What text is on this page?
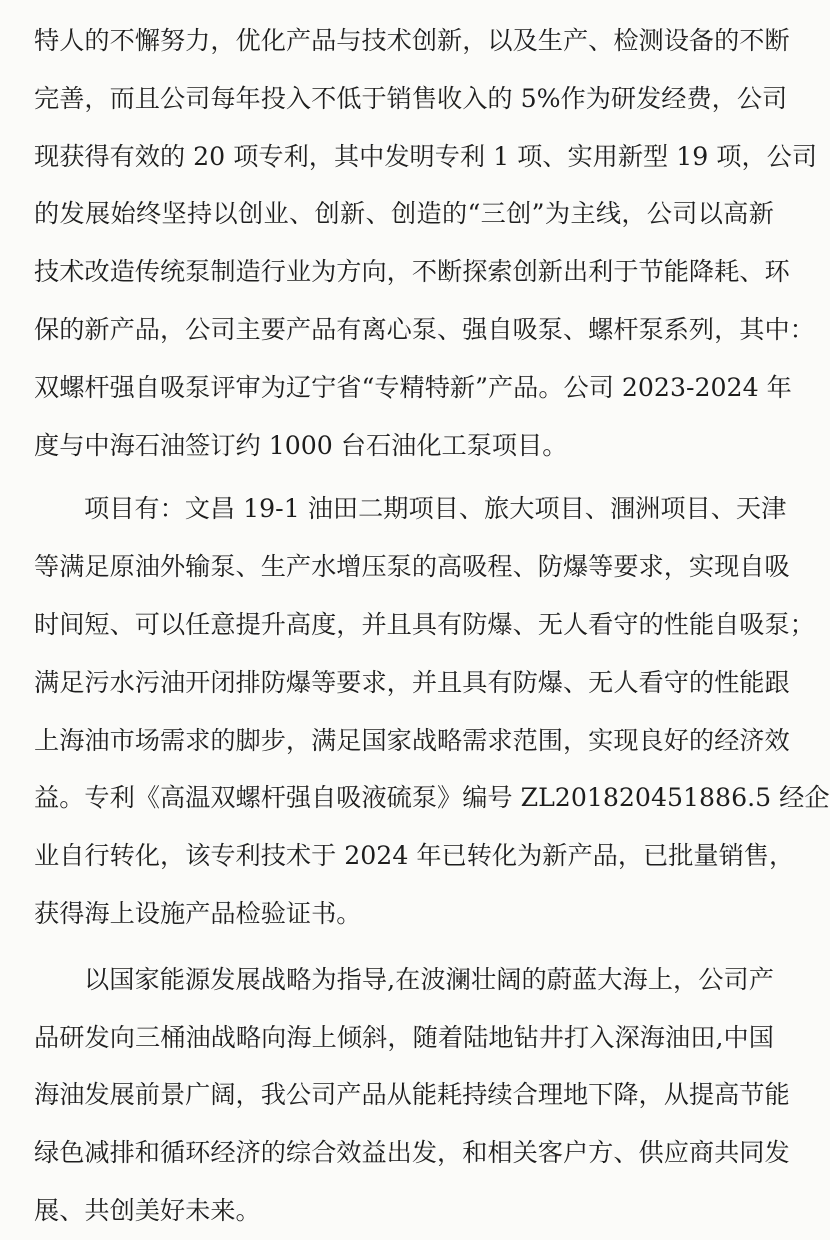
特人的不懈努力，优化产品与技术创新，以及生产、检测设备的不断
完善，而且公司每年投入不低于销售收入的 5%作为研发经费，公司
现获得有效的 20 项专利，其中发明专利 1 项、实用新型 19 项，公司
的发展始终坚持以创业、创新、创造的“三创”为主线，公司以高新
技术改造传统泵制造行业为方向，不断探索创新出利于节能降耗、环
保的新产品，公司主要产品有离心泵、强自吸泵、螺杆泵系列，其中：
双螺杆强自吸泵评审为辽宁省“专精特新”产品。公司 2023-2024 年
度与中海石油签订约 1000 台石油化工泵项目。
项目有：文昌 19-1 油田二期项目、旅大项目、涠洲项目、天津
等满足原油外输泵、生产水增压泵的高吸程、防爆等要求，实现自吸
时间短、可以任意提升高度，并且具有防爆、无人看守的性能自吸泵；
满足污水污油开闭排防爆等要求，并且具有防爆、无人看守的性能跟
上海油市场需求的脚步，满足国家战略需求范围，实现良好的经济效
益。专利《高温双螺杆强自吸液硫泵》编号 ZL201820451886.5 经企
业自行转化，该专利技术于 2024 年已转化为新产品，已批量销售，
获得海上设施产品检验证书。
以国家能源发展战略为指导,在波澜壮阔的蔚蓝大海上，公司产
品研发向三桶油战略向海上倾斜，随着陆地钻井打入深海油田,中国
海油发展前景广阔，我公司产品从能耗持续合理地下降，从提高节能
绿色减排和循环经济的综合效益出发，和相关客户方、供应商共同发
展、共创美好未来。
